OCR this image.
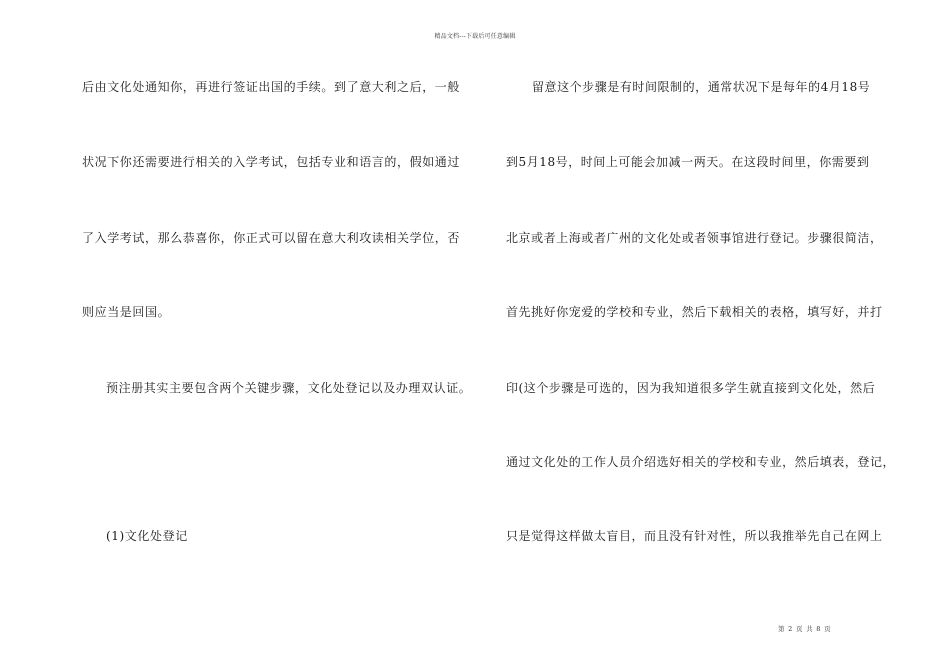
精品文档---下载后可任意编辑
后由文化处通知你，再进行签证出国的手续。到了意大利之后，一般
状况下你还需要进行相关的入学考试，包括专业和语言的，假如通过
了入学考试，那么恭喜你，你正式可以留在意大利攻读相关学位，否
则应当是回国。
预注册其实主要包含两个关键步骤，文化处登记以及办理双认证。
(1)文化处登记
留意这个步骤是有时间限制的，通常状况下是每年的4月18号
到5月18号，时间上可能会加减一两天。在这段时间里，你需要到
北京或者上海或者广州的文化处或者领事馆进行登记。步骤很简洁，
首先挑好你宠爱的学校和专业，然后下载相关的表格，填写好，并打
印(这个步骤是可选的，因为我知道很多学生就直接到文化处，然后
通过文化处的工作人员介绍选好相关的学校和专业，然后填表，登记，
只是觉得这样做太盲目，而且没有针对性，所以我推举先自己在网上
第 2 页 共 8 页
